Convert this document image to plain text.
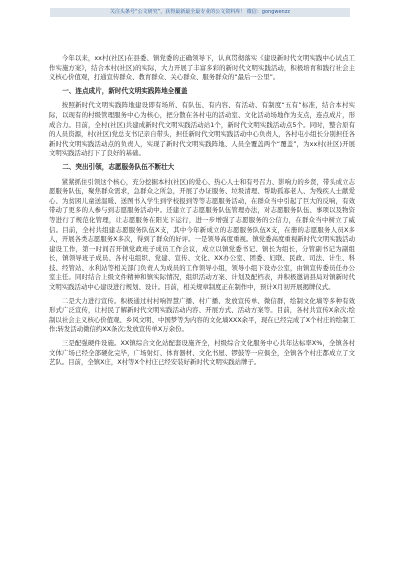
关注头条号“公文研究”，获得最新最全最专业的公文资料库！ 微信：gongwenzz

今年以来，xx村(社区)在县委、镇党委的正确领导下，认真贯彻落实《建设新时代文明实践中心试点工作实施方案》，结合本村(社区)的实际，大力开展了丰富多彩的新时代文明实践活动，积极培育和践行社会主义核心价值观，打通宣传群众、教育群众、关心群众、服务群众的“最后一公里”。

一、连点成片，新时代文明实践阵地全覆盖

按照新时代文明实践阵地建设即有场所、有队伍、有内容、有活动、有制度“五有”标准，结合本村实际，以现有的村级管理服务中心为核心，把分散在各村屯的活动室、文化活动场地作为支点，连点成片，形成合力。目前，全村(社区)共建成新时代文明实践活动站1个，新时代文明实践活动点5个。同时，整合原有的人员资源，村(社区)党总支书记亲自带头，担任新时代文明实践活动中心负责人，各村屯小组长分别担任各新时代文明实践活动点的负责人，实现了新时代文明实践阵地、人员全覆盖两个“覆盖”，为xx村(社区)开展文明实践活动打下了良好的基础。

二、突出引领，志愿服务队伍不断壮大

紧紧抓住引领这个核心，充分挖掘本村(社区)的爱心、热心人士和有号召力、影响力的乡贤，带头成立志愿服务队伍，聚焦群众需求，急群众之所急，开展了办证服务、垃圾清理、帮助孤寡老人、为残疾人士献爱心、为贫困儿童送温暖、送图书入学生到学校报到等等志愿服务活动，在群众当中引起了巨大的反响，有效带动了更多的人参与到志愿服务活动中。还建立了志愿服务队伍管理办法，对志愿服务队伍、事项以及物资等进行了规范化管理，让志愿服务在阳光下运行，进一步增强了志愿服务的公信力，在群众当中树立了威信。目前，全村共组建志愿服务队伍X支，其中今年新成立的志愿服务队伍X支，在册的志愿服务人员X多人，开展各类志愿服务X多次，得到了群众的好评。一是领导高度重视。镇党委高度重视新时代文明实践活动建设工作，第一时间召开镇党政班子成员工作会议，成立以镇党委书记、镇长为组长，分管副书记为副组长，镇领导班子成员、各村屯组织、党建、宣传、文化、XX办公室、团委、妇联、民政、司法、计生、科技、经管站、水利站等相关部门负责人为成员的工作领导小组，领导小组下设办公室，由镇宣传委员任办公室主任。同时结合上级文件精神和镇实际情况，组织活动方案、计划及配档表，并积极邀请县局对镇新时代文明实践活动中心建设进行规划、设计。目前，相关规章制度正在制作中，预计X月初开展揭牌仪式。

二是大力进行宣传。积极通过村村响智慧广播、村广播、发放宣传单、微信群，绘制文化墙等多种有效形式广泛宣传，让村民了解新时代文明实践活动内容、开展方式、活动方案等。目前，各村共宣传X余次;绘制以社会主义核心价值观、乡风文明、中国梦等为内容的文化墙XXX余平，现在已经完成了X个村庄的绘制工作;转发活动微信约XX条次;发放宣传单X万余份。

三是配强硬件设施。XX镇综合文化站配套设施齐全，村级综合文化服务中心共年达标率X%，全镇各村文体广场已经全部硬化完毕，广场射灯、体育器材、文化书屋、锣鼓等一应俱全，全镇各个村庄都成立了文艺队。目前，全镇X庄，X村等X个村庄已经安装好新时代文明实践站牌子。
